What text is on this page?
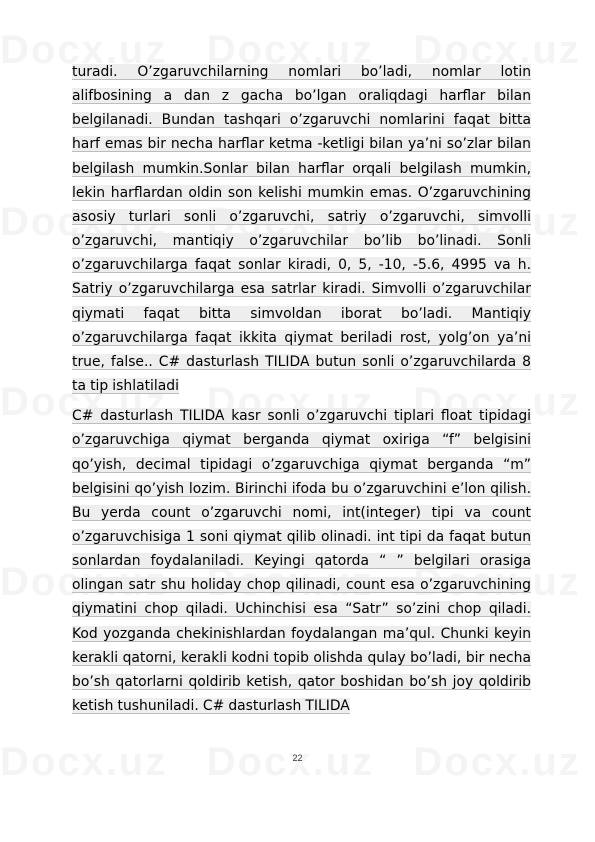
turadi. O’zgaruvchilarning nomlari bo’ladi, nomlar lotin alifbosining a dan z gacha bo’lgan oraliqdagi harflar bilan belgilanadi. Bundan tashqari o’zgaruvchi nomlarini faqat bitta harf emas bir necha harflar ketma -ketligi bilan ya’ni so’zlar bilan belgilash mumkin.Sonlar bilan harflar orqali belgilash mumkin, lekin harflardan oldin son kelishi mumkin emas. O’zgaruvchining asosiy turlari sonli o’zgaruvchi, satriy o’zgaruvchi, simvolli o’zgaruvchi, mantiqiy o’zgaruvchilar bo’lib bo’linadi. Sonli o’zgaruvchilarga faqat sonlar kiradi, 0, 5, -10, -5.6, 4995 va h. Satriy o’zgaruvchilarga esa satrlar kiradi. Simvolli o’zgaruvchilar qiymati faqat bitta simvoldan iborat bo’ladi. Mantiqiy o’zgaruvchilarga faqat ikkita qiymat beriladi rost, yolg’on ya’ni true, false.. C# dasturlash TILIDA butun sonli o’zgaruvchilarda 8 ta tip ishlatiladi

C# dasturlash TILIDA kasr sonli o’zgaruvchi tiplari float tipidagi o’zgaruvchiga qiymat berganda qiymat oxiriga “f” belgisini qo’yish, decimal tipidagi o’zgaruvchiga qiymat berganda “m” belgisini qo’yish lozim. Birinchi ifoda bu o’zgaruvchini e’lon qilish. Bu yerda count o’zgaruvchi nomi, int(integer) tipi va count o’zgaruvchisiga 1 soni qiymat qilib olinadi. int tipi da faqat butun sonlardan foydalaniladi. Keyingi qatorda “ ” belgilari orasiga olingan satr shu holiday chop qilinadi, count esa o’zgaruvchining qiymatini chop qiladi. Uchinchisi esa “Satr” so’zini chop qiladi. Kod yozganda chekinishlardan foydalangan ma’qul. Chunki keyin kerakli qatorni, kerakli kodni topib olishda qulay bo’ladi, bir necha bo’sh qatorlarni qoldirib ketish, qator boshidan bo’sh joy qoldirib ketish tushuniladi. C# dasturlash TILIDA

22
